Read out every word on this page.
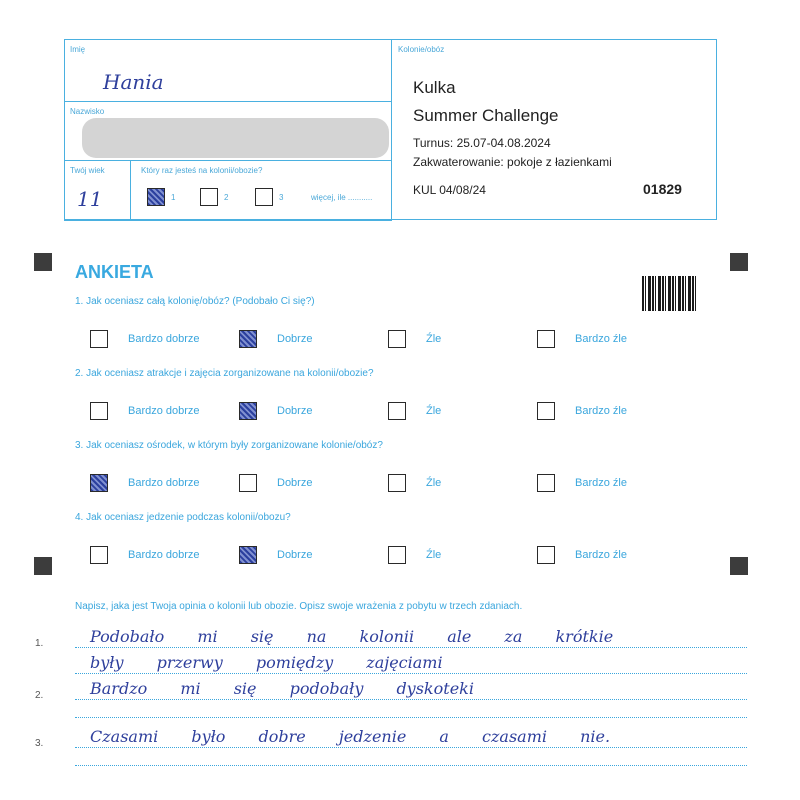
Imię
Hania
Nazwisko
Twój wiek
11
Który raz jesteś na kolonii/obozie?
1	2	3	więcej, ile ...........
Kolonie/obóz
Kulka
Summer Challenge
Turnus: 25.07-04.08.2024
Zakwaterowanie: pokoje z łazienkami
KUL 04/08/24	01829
ANKIETA
1. Jak oceniasz całą kolonię/obóz? (Podobało Ci się?)
Bardzo dobrze	Dobrze	Źle	Bardzo źle
2. Jak oceniasz atrakcje i zajęcia zorganizowane na kolonii/obozie?
Bardzo dobrze	Dobrze	Źle	Bardzo źle
3. Jak oceniasz ośrodek, w którym były zorganizowane kolonie/obóz?
Bardzo dobrze	Dobrze	Źle	Bardzo źle
4. Jak oceniasz jedzenie podczas kolonii/obozu?
Bardzo dobrze	Dobrze	Źle	Bardzo źle
Napisz, jaka jest Twoja opinia o kolonii lub obozie. Opisz swoje wrażenia z pobytu w trzech zdaniach.
1.	Podobało mi się na kolonii ale za krótkie
były przerwy pomiędzy zajęciami
2.	Bardzo mi się podobały dyskoteki
3.	Czasami było dobre jedzenie a czasami nie.
